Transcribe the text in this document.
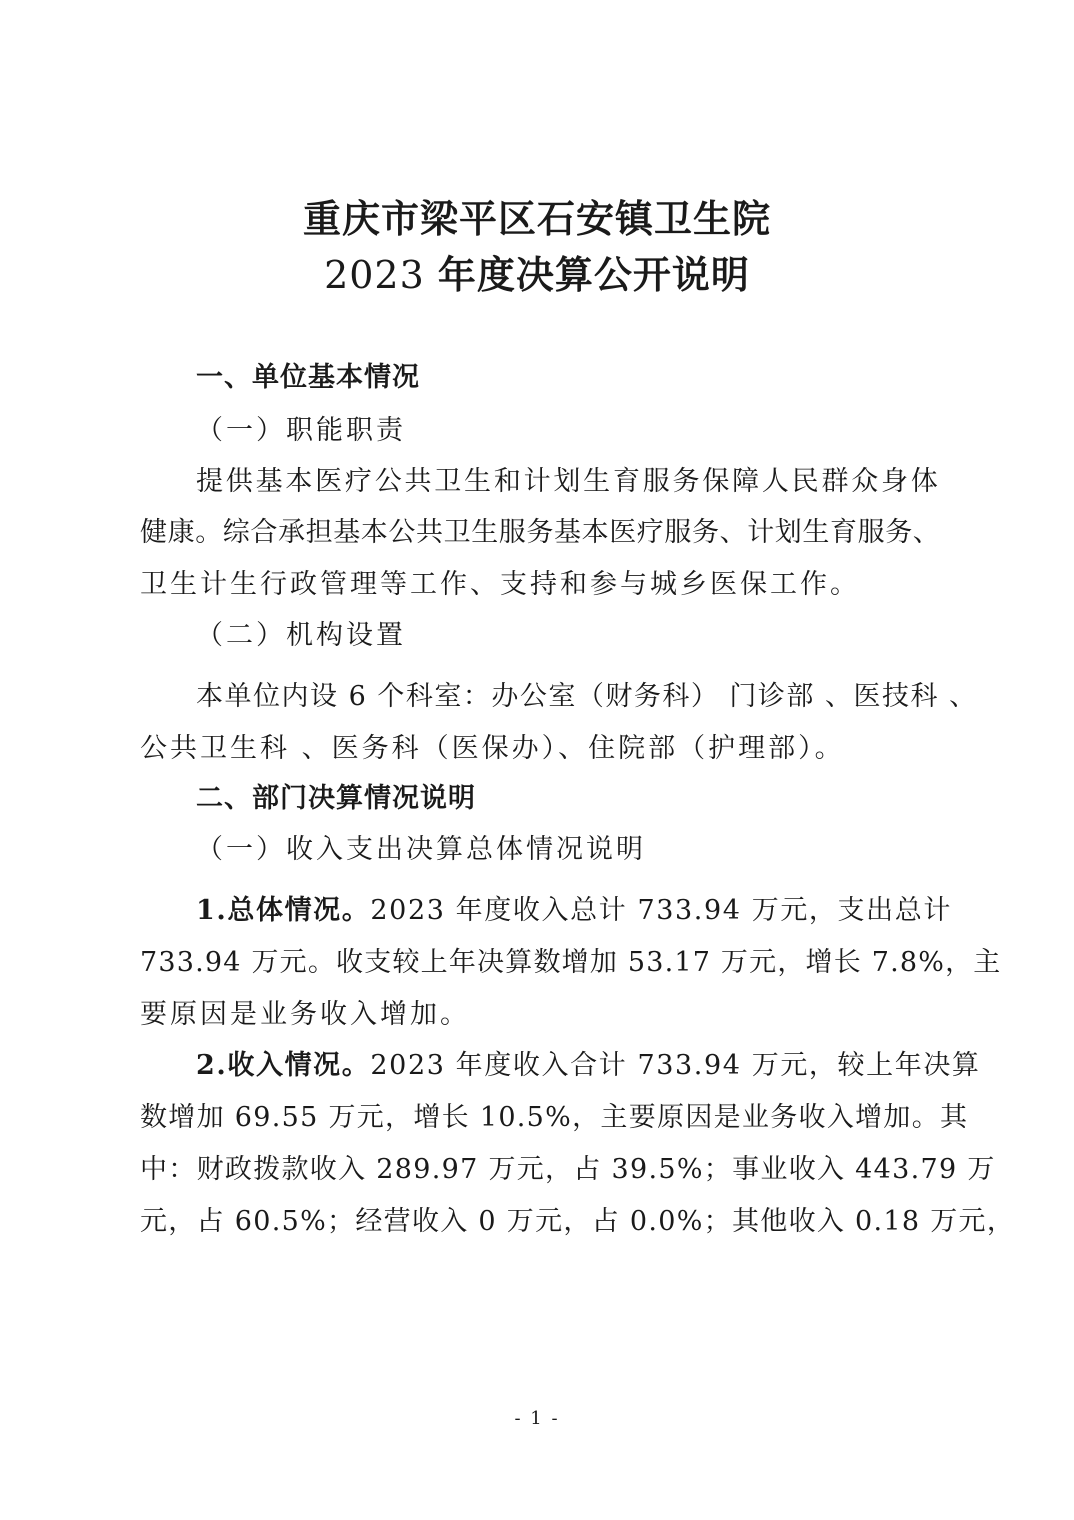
重庆市梁平区石安镇卫生院
2023 年度决算公开说明
一、单位基本情况
（一）职能职责
提供基本医疗公共卫生和计划生育服务保障人民群众身体
健康。综合承担基本公共卫生服务基本医疗服务、计划生育服务、
卫生计生行政管理等工作、支持和参与城乡医保工作。
（二）机构设置
本单位内设 6 个科室：办公室（财务科） 门诊部 、医技科 、
公共卫生科 、医务科（医保办）、住院部（护理部）。
二、部门决算情况说明
（一）收入支出决算总体情况说明
1.总体情况。2023 年度收入总计 733.94 万元，支出总计
733.94 万元。收支较上年决算数增加 53.17 万元，增长 7.8%，主
要原因是业务收入增加。
2.收入情况。2023 年度收入合计 733.94 万元，较上年决算
数增加 69.55 万元，增长 10.5%，主要原因是业务收入增加。其
中：财政拨款收入 289.97 万元，占 39.5%；事业收入 443.79 万
元，占 60.5%；经营收入 0 万元，占 0.0%；其他收入 0.18 万元，
- 1 -
